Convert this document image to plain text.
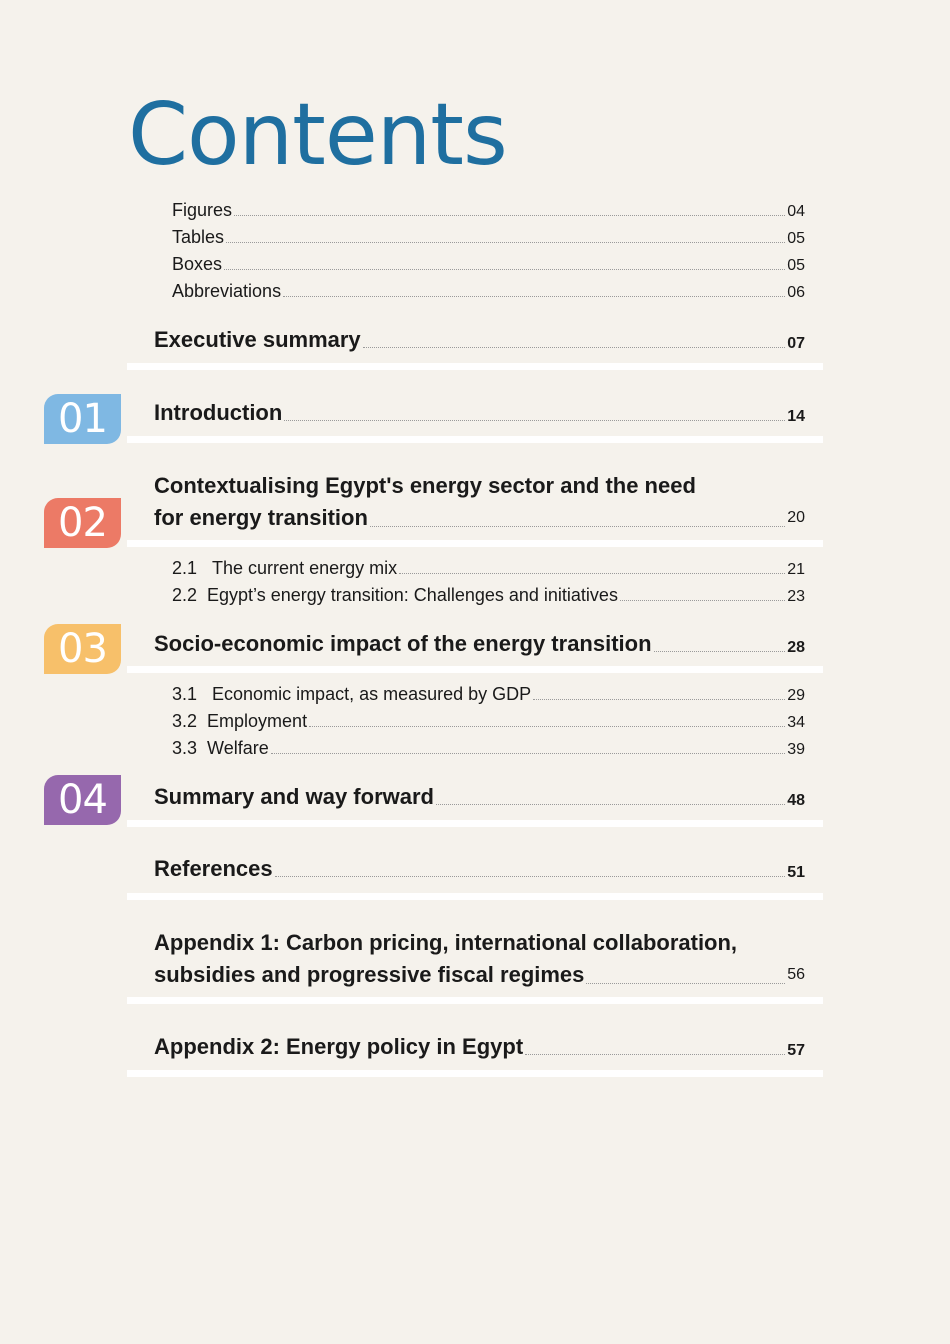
Contents
Figures	04
Tables	05
Boxes	05
Abbreviations	06
Executive summary	07
01	Introduction	14
02
Contextualising Egypt's energy sector and the need
for energy transition	20
2.1 The current energy mix	21
2.2 Egypt’s energy transition: Challenges and initiatives	23
03	Socio-economic impact of the energy transition	28
3.1 Economic impact, as measured by GDP	29
3.2 Employment	34
3.3 Welfare	39
04	Summary and way forward	48
References	51
Appendix 1: Carbon pricing, international collaboration,
subsidies and progressive fiscal regimes	56
Appendix 2: Energy policy in Egypt	57
